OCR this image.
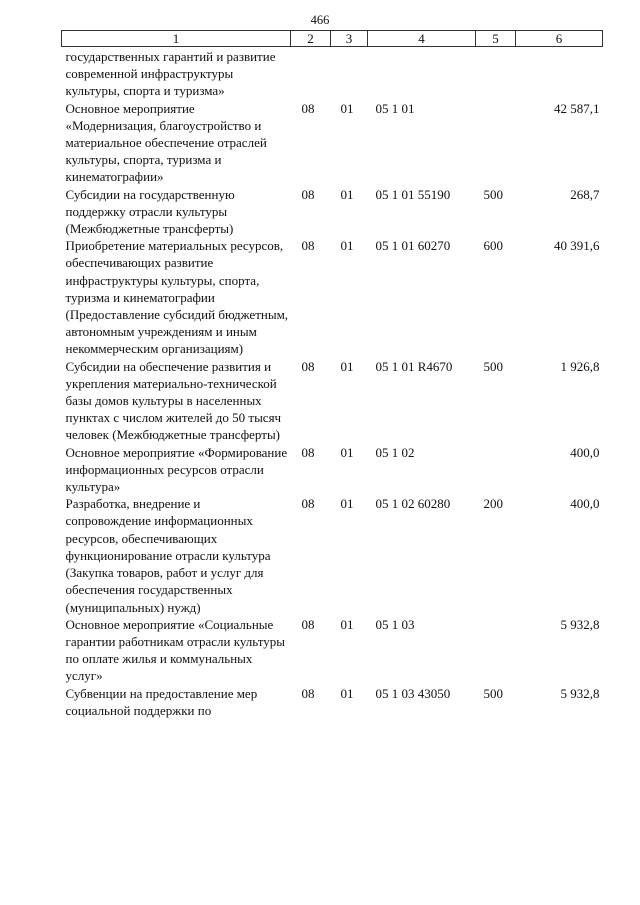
466
1	2	3	4	5	6
государственных гарантий и развитие современной инфраструктуры культуры, спорта и туризма»					
Основное мероприятие «Модернизация, благоустройство и материальное обеспечение отраслей культуры, спорта, туризма и кинематографии»	08	01	05 1 01		42 587,1
Субсидии на государственную поддержку отрасли культуры (Межбюджетные трансферты)	08	01	05 1 01 55190	500	268,7
Приобретение материальных ресурсов, обеспечивающих развитие инфраструктуры культуры, спорта, туризма и кинематографии (Предоставление субсидий бюджетным, автономным учреждениям и иным некоммерческим организациям)	08	01	05 1 01 60270	600	40 391,6
Субсидии на обеспечение развития и укрепления материально-технической базы домов культуры в населенных пунктах с числом жителей до 50 тысяч человек (Межбюджетные трансферты)	08	01	05 1 01 R4670	500	1 926,8
Основное мероприятие «Формирование информационных ресурсов отрасли культура»	08	01	05 1 02		400,0
Разработка, внедрение и сопровождение информационных ресурсов, обеспечивающих функционирование отрасли культура (Закупка товаров, работ и услуг для обеспечения государственных (муниципальных) нужд)	08	01	05 1 02 60280	200	400,0
Основное мероприятие «Социальные гарантии работникам отрасли культуры по оплате жилья и коммунальных услуг»	08	01	05 1 03		5 932,8
Субвенции на предоставление мер социальной поддержки по	08	01	05 1 03 43050	500	5 932,8
